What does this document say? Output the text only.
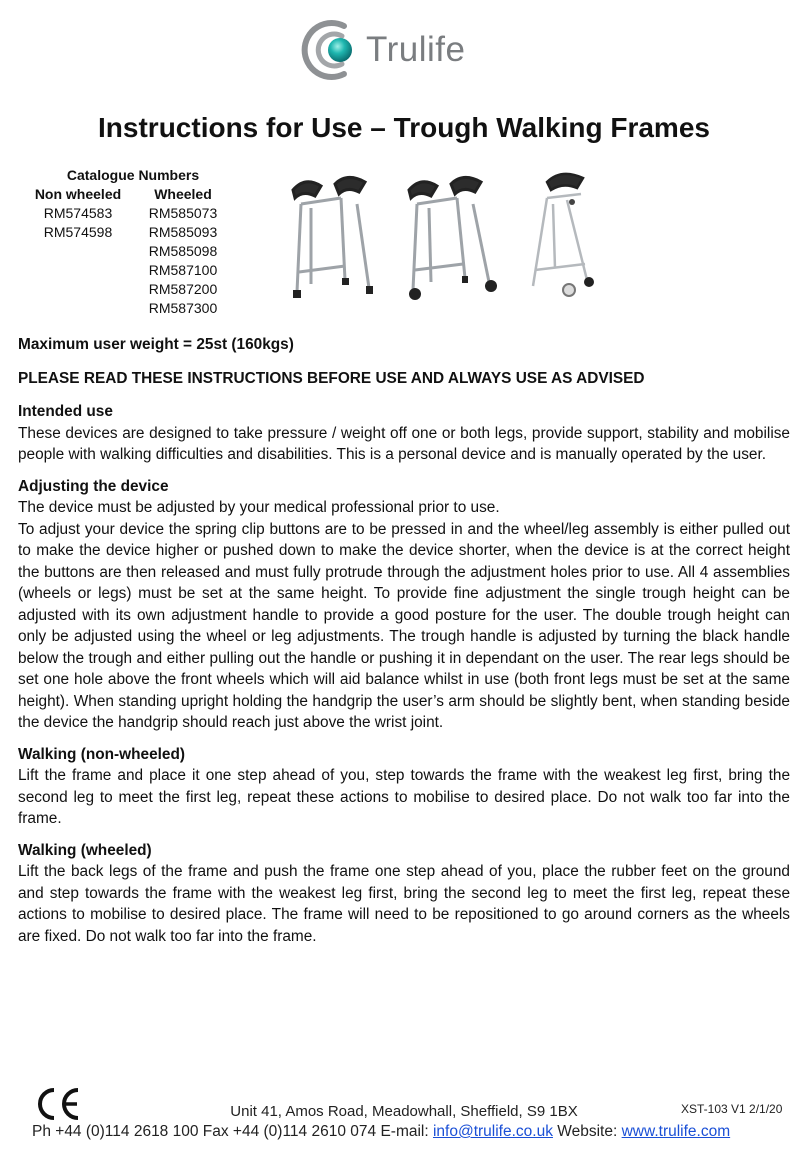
Trulife
Instructions for Use – Trough Walking Frames
Catalogue Numbers
Non wheeled
RM574583
RM574598
Wheeled
RM585073
RM585093
RM585098
RM587100
RM587200
RM587300

Maximum user weight = 25st (160kgs)

PLEASE READ THESE INSTRUCTIONS BEFORE USE AND ALWAYS USE AS ADVISED

Intended use

These devices are designed to take pressure / weight off one or both legs, provide support, stability and mobilise people with walking difficulties and disabilities. This is a personal device and is manually operated by the user.

Adjusting the device

The device must be adjusted by your medical professional prior to use.

To adjust your device the spring clip buttons are to be pressed in and the wheel/leg assembly is either pulled out to make the device higher or pushed down to make the device shorter, when the device is at the correct height the buttons are then released and must fully protrude through the adjustment holes prior to use. All 4 assemblies (wheels or legs) must be set at the same height. To provide fine adjustment the single trough height can be adjusted with its own adjustment handle to provide a good posture for the user. The double trough height can only be adjusted using the wheel or leg adjustments. The trough handle is adjusted by turning the black handle below the trough and either pulling out the handle or pushing it in dependant on the user. The rear legs should be set one hole above the front wheels which will aid balance whilst in use (both front legs must be set at the same height). When standing upright holding the handgrip the user’s arm should be slightly bent, when standing beside the device the handgrip should reach just above the wrist joint.

Walking (non-wheeled)

Lift the frame and place it one step ahead of you, step towards the frame with the weakest leg first, bring the second leg to meet the first leg, repeat these actions to mobilise to desired place. Do not walk too far into the frame.

Walking (wheeled)

Lift the back legs of the frame and push the frame one step ahead of you, place the rubber feet on the ground and step towards the frame with the weakest leg first, bring the second leg to meet the first leg, repeat these actions to mobilise to desired place. The frame will need to be repositioned to go around corners as the wheels are fixed. Do not walk too far into the frame.

CE
XST-103 V1 2/1/20
Unit 41, Amos Road, Meadowhall, Sheffield, S9 1BX
Ph +44 (0)114 2618 100 Fax +44 (0)114 2610 074 E-mail: info@trulife.co.uk Website: www.trulife.com
